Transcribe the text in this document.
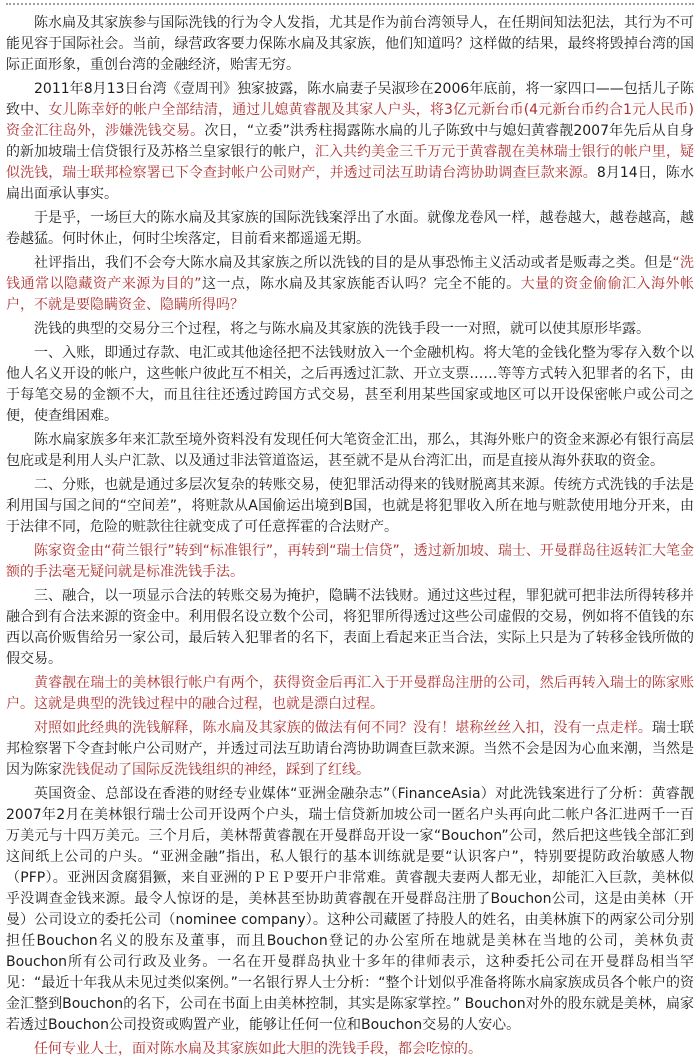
陈水扁及其家族参与国际洗钱的行为令人发指，尤其是作为前台湾领导人，在任期间知法犯法，其行为不可能见容于国际社会。当前，绿营政客要力保陈水扁及其家族，他们知道吗？这样做的结果，最终将毁掉台湾的国际正面形象，重创台湾的金融经济，贻害无穷。

2011年8月13日台湾《壹周刊》独家披露，陈水扁妻子吴淑珍在2006年底前，将一家四口——包括儿子陈致中、女儿陈幸妤的帐户全部结清，通过儿媳黄睿靓及其家人户头，将3亿元新台币(4元新台币约合1元人民币)资金汇往岛外，涉嫌洗钱交易。次日，“立委”洪秀柱揭露陈水扁的儿子陈致中与媳妇黄睿靓2007年先后从自身的新加坡瑞士信贷银行及苏格兰皇家银行的帐户，汇入共约美金三千万元于黄睿靓在美林瑞士银行的帐户里，疑似洗钱，瑞士联邦检察署已下令查封帐户公司财产，并透过司法互助请台湾协助调查巨款来源。8月14日，陈水扁出面承认事实。

于是乎，一场巨大的陈水扁及其家族的国际洗钱案浮出了水面。就像龙卷风一样，越卷越大，越卷越高，越卷越猛。何时休止，何时尘埃落定，目前看来都遥遥无期。

社评指出，我们不会夸大陈水扁及其家族之所以洗钱的目的是从事恐怖主义活动或者是贩毒之类。但是“洗钱通常以隐藏资产来源为目的”这一点，陈水扁及其家族能否认吗？完全不能的。大量的资金偷偷汇入海外帐户，不就是要隐瞒资金、隐瞒所得吗？

洗钱的典型的交易分三个过程，将之与陈水扁及其家族的洗钱手段一一对照，就可以使其原形毕露。

一、入账，即通过存款、电汇或其他途径把不法钱财放入一个金融机构。将大笔的金钱化整为零存入数个以他人名义开设的帐户，这些帐户彼此互不相关，之后再透过汇款、开立支票……等等方式转入犯罪者的名下，由于每笔交易的金额不大，而且往往还透过跨国方式交易，甚至利用某些国家或地区可以开设保密帐户或公司之便，使查缉困难。

陈水扁家族多年来汇款至境外资料没有发现任何大笔资金汇出，那么，其海外账户的资金来源必有银行高层包庇或是利用人头户汇款、以及通过非法管道盗运，甚至就不是从台湾汇出，而是直接从海外获取的资金。

二、分账，也就是通过多层次复杂的转账交易，使犯罪活动得来的钱财脱离其来源。传统方式洗钱的手法是利用国与国之间的“空间差”，将赃款从A国偷运出境到B国，也就是将犯罪收入所在地与赃款使用地分开来，由于法律不同，危险的赃款往往就变成了可任意挥霍的合法财产。

陈家资金由“荷兰银行”转到“标准银行”，再转到“瑞士信贷”，透过新加坡、瑞士、开曼群岛往返转汇大笔金额的手法毫无疑问就是标准洗钱手法。

三、融合，以一项显示合法的转账交易为掩护，隐瞒不法钱财。通过这些过程，罪犯就可把非法所得转移并融合到有合法来源的资金中。利用假名设立数个公司，将犯罪所得透过这些公司虚假的交易，例如将不值钱的东西以高价贩售给另一家公司，最后转入犯罪者的名下，表面上看起来正当合法，实际上只是为了转移金钱所做的假交易。

黄睿靓在瑞士的美林银行帐户有两个，获得资金后再汇入于开曼群岛注册的公司，然后再转入瑞士的陈家账户。这就是典型的洗钱过程中的融合过程，也就是漂白过程。

对照如此经典的洗钱解释，陈水扁及其家族的做法有何不同？没有！堪称丝丝入扣，没有一点走样。瑞士联邦检察署下令查封帐户公司财产，并透过司法互助请台湾协助调查巨款来源。当然不会是因为心血来潮，当然是因为陈家洗钱促动了国际反洗钱组织的神经，踩到了红线。

英国资金、总部设在香港的财经专业媒体“亚洲金融杂志”（FinanceAsia）对此洗钱案进行了分析：黄睿靓2007年2月在美林银行瑞士公司开设两个户头，瑞士信贷新加坡公司一匿名户头再向此二帐户各汇进两千一百万美元与十四万美元。三个月后，美林帮黄睿靓在开曼群岛开设一家“Bouchon”公司，然后把这些钱全部汇到这间纸上公司的户头。“亚洲金融”指出，私人银行的基本训练就是要“认识客户”，特别要提防政治敏感人物（PFP）。亚洲因贪腐猖獗，来自亚洲的ＰＥＰ要开户非常难。黄睿靓夫妻两人都无业，却能汇入巨款，美林似乎没调查金钱来源。最令人惊讶的是，美林甚至协助黄睿靓在开曼群岛注册了Bouchon公司，这是由美林（开曼）公司设立的委托公司（nominee company）。这种公司藏匿了持股人的姓名，由美林旗下的两家公司分别担任Bouchon名义的股东及董事，而且Bouchon登记的办公室所在地就是美林在当地的公司，美林负责Bouchon所有公司行政及业务。一名在开曼群岛执业十多年的律师表示，这种委托公司在开曼群岛相当罕见：“最近十年我从未见过类似案例。”一名银行界人士分析：“整个计划似乎准备将陈水扁家族成员各个帐户的资金汇整到Bouchon的名下，公司在书面上由美林控制，其实是陈家掌控。” Bouchon对外的股东就是美林，扁家若透过Bouchon公司投资或购置产业，能够让任何一位和Bouchon交易的人安心。

任何专业人士，面对陈水扁及其家族如此大胆的洗钱手段，都会吃惊的。
